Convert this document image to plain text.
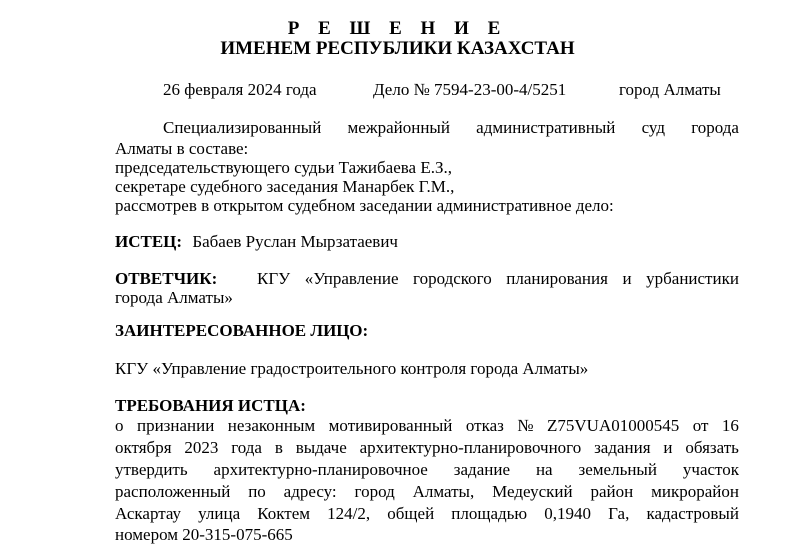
Р Е Ш Е Н И Е
ИМЕНЕМ РЕСПУБЛИКИ КАЗАХСТАН
26 февраля 2024 года	Дело № 7594-23-00-4/5251	город Алматы
Специализированный межрайонный административный суд города
Алматы в составе:
председательствующего судьи Тажибаева Е.З.,
секретаре судебного заседания Манарбек Г.М.,
рассмотрев в открытом судебном заседании административное дело:
ИСТЕЦ: Бабаев Руслан Мырзатаевич
ОТВЕТЧИК: КГУ «Управление городского планирования и урбанистики
города Алматы»
ЗАИНТЕРЕСОВАННОЕ ЛИЦО:
КГУ «Управление градостроительного контроля города Алматы»
ТРЕБОВАНИЯ ИСТЦА:
о признании незаконным мотивированный отказ № Z75VUA01000545 от 16
октября 2023 года в выдаче архитектурно-планировочного задания и обязать
утвердить архитектурно-планировочное задание на земельный участок
расположенный по адресу: город Алматы, Медеуский район микрорайон
Аскартау улица Коктем 124/2, общей площадью 0,1940 Га, кадастровый
номером 20-315-075-665
